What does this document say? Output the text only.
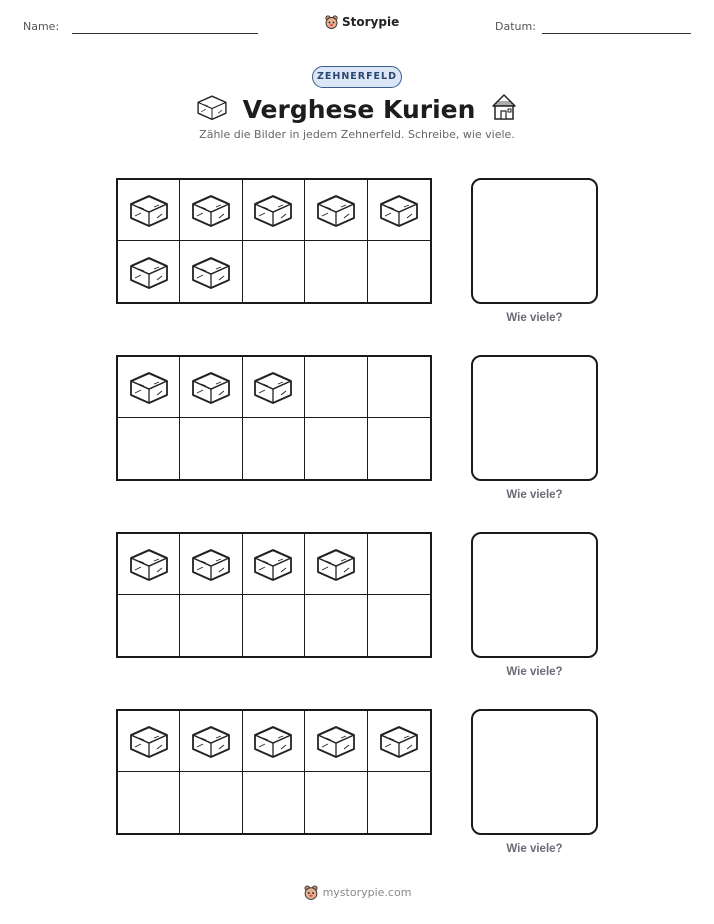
Name:	Storypie	Datum:
ZEHNERFELD
Verghese Kurien
Zähle die Bilder in jedem Zehnerfeld. Schreibe, wie viele.
Wie viele?
Wie viele?
Wie viele?
Wie viele?
mystorypie.com
